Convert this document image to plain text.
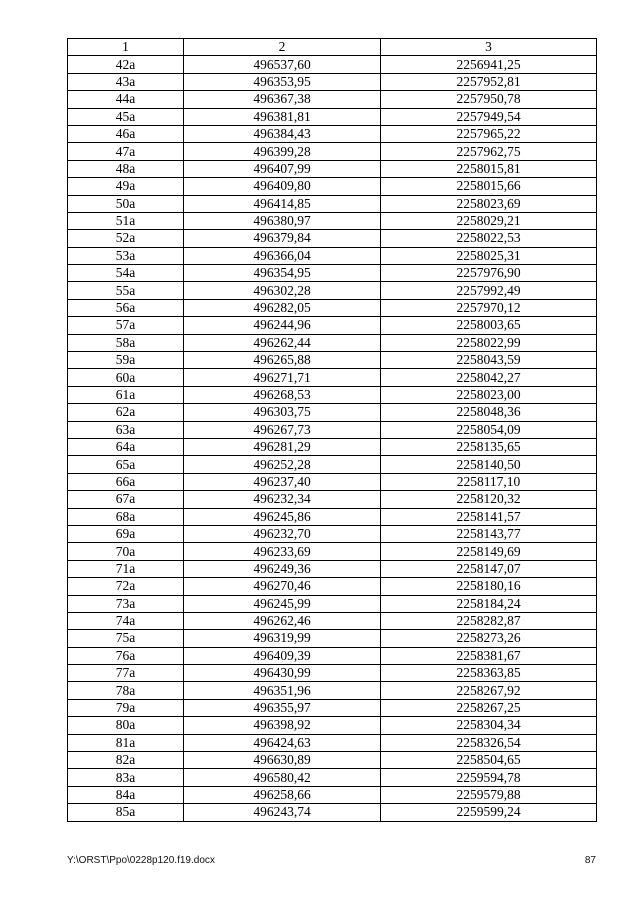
1	2	3
42a	496537,60	2256941,25
43a	496353,95	2257952,81
44a	496367,38	2257950,78
45a	496381,81	2257949,54
46a	496384,43	2257965,22
47a	496399,28	2257962,75
48a	496407,99	2258015,81
49a	496409,80	2258015,66
50a	496414,85	2258023,69
51a	496380,97	2258029,21
52a	496379,84	2258022,53
53a	496366,04	2258025,31
54a	496354,95	2257976,90
55a	496302,28	2257992,49
56a	496282,05	2257970,12
57a	496244,96	2258003,65
58a	496262,44	2258022,99
59a	496265,88	2258043,59
60a	496271,71	2258042,27
61a	496268,53	2258023,00
62a	496303,75	2258048,36
63a	496267,73	2258054,09
64a	496281,29	2258135,65
65a	496252,28	2258140,50
66a	496237,40	2258117,10
67a	496232,34	2258120,32
68a	496245,86	2258141,57
69a	496232,70	2258143,77
70a	496233,69	2258149,69
71a	496249,36	2258147,07
72a	496270,46	2258180,16
73a	496245,99	2258184,24
74a	496262,46	2258282,87
75a	496319,99	2258273,26
76a	496409,39	2258381,67
77a	496430,99	2258363,85
78a	496351,96	2258267,92
79a	496355,97	2258267,25
80a	496398,92	2258304,34
81a	496424,63	2258326,54
82a	496630,89	2258504,65
83a	496580,42	2259594,78
84a	496258,66	2259579,88
85a	496243,74	2259599,24
Y:\ORST\Ppo\0228p120.f19.docx	87
